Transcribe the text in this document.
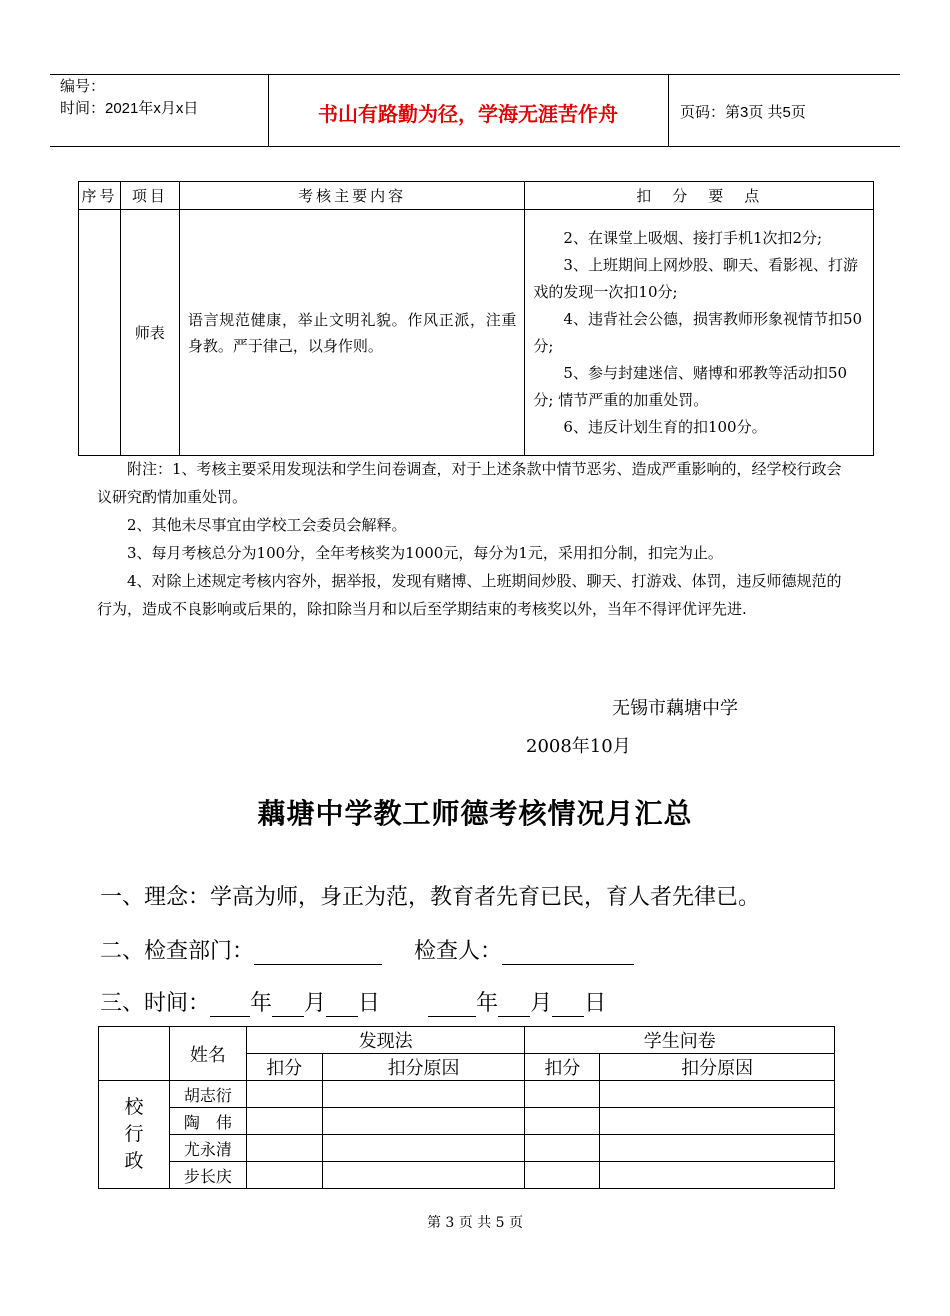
编号：
时间：2021年x月x日	书山有路勤为径，学海无涯苦作舟	页码：第3页 共5页
序号	项目	考核主要内容	扣　分　要　点
	师表	语言规范健康，举止文明礼貌。作风正派，注重身教。严于律己，以身作则。	2、在课堂上吸烟、接打手机1次扣2分;

3、上班期间上网炒股、聊天、看影视、打游戏的发现一次扣10分;

4、违背社会公德，损害教师形象视情节扣50分;

5、参与封建迷信、赌博和邪教等活动扣50分; 情节严重的加重处罚。

6、违反计划生育的扣100分。

附注：1、考核主要采用发现法和学生问卷调查，对于上述条款中情节恶劣、造成严重影响的，经学校行政会议研究酌情加重处罚。

2、其他未尽事宜由学校工会委员会解释。

3、每月考核总分为100分，全年考核奖为1000元，每分为1元，采用扣分制，扣完为止。

4、对除上述规定考核内容外，据举报，发现有赌博、上班期间炒股、聊天、打游戏、体罚，违反师德规范的行为，造成不良影响或后果的，除扣除当月和以后至学期结束的考核奖以外，当年不得评优评先进.

无锡市藕塘中学
2008年10月
藕塘中学教工师德考核情况月汇总
一、理念：学高为师，身正为范，教育者先育已民，育人者先律已。
二、检查部门：	检查人：
三、时间： 年 月 日	年 月 日
	姓名	发现法		学生问卷	
		扣分	扣分原因	扣分	扣分原因

校
行
政	胡志衍				
	陶　伟				
	尤永清				
	步长庆				
第 3 页 共 5 页
